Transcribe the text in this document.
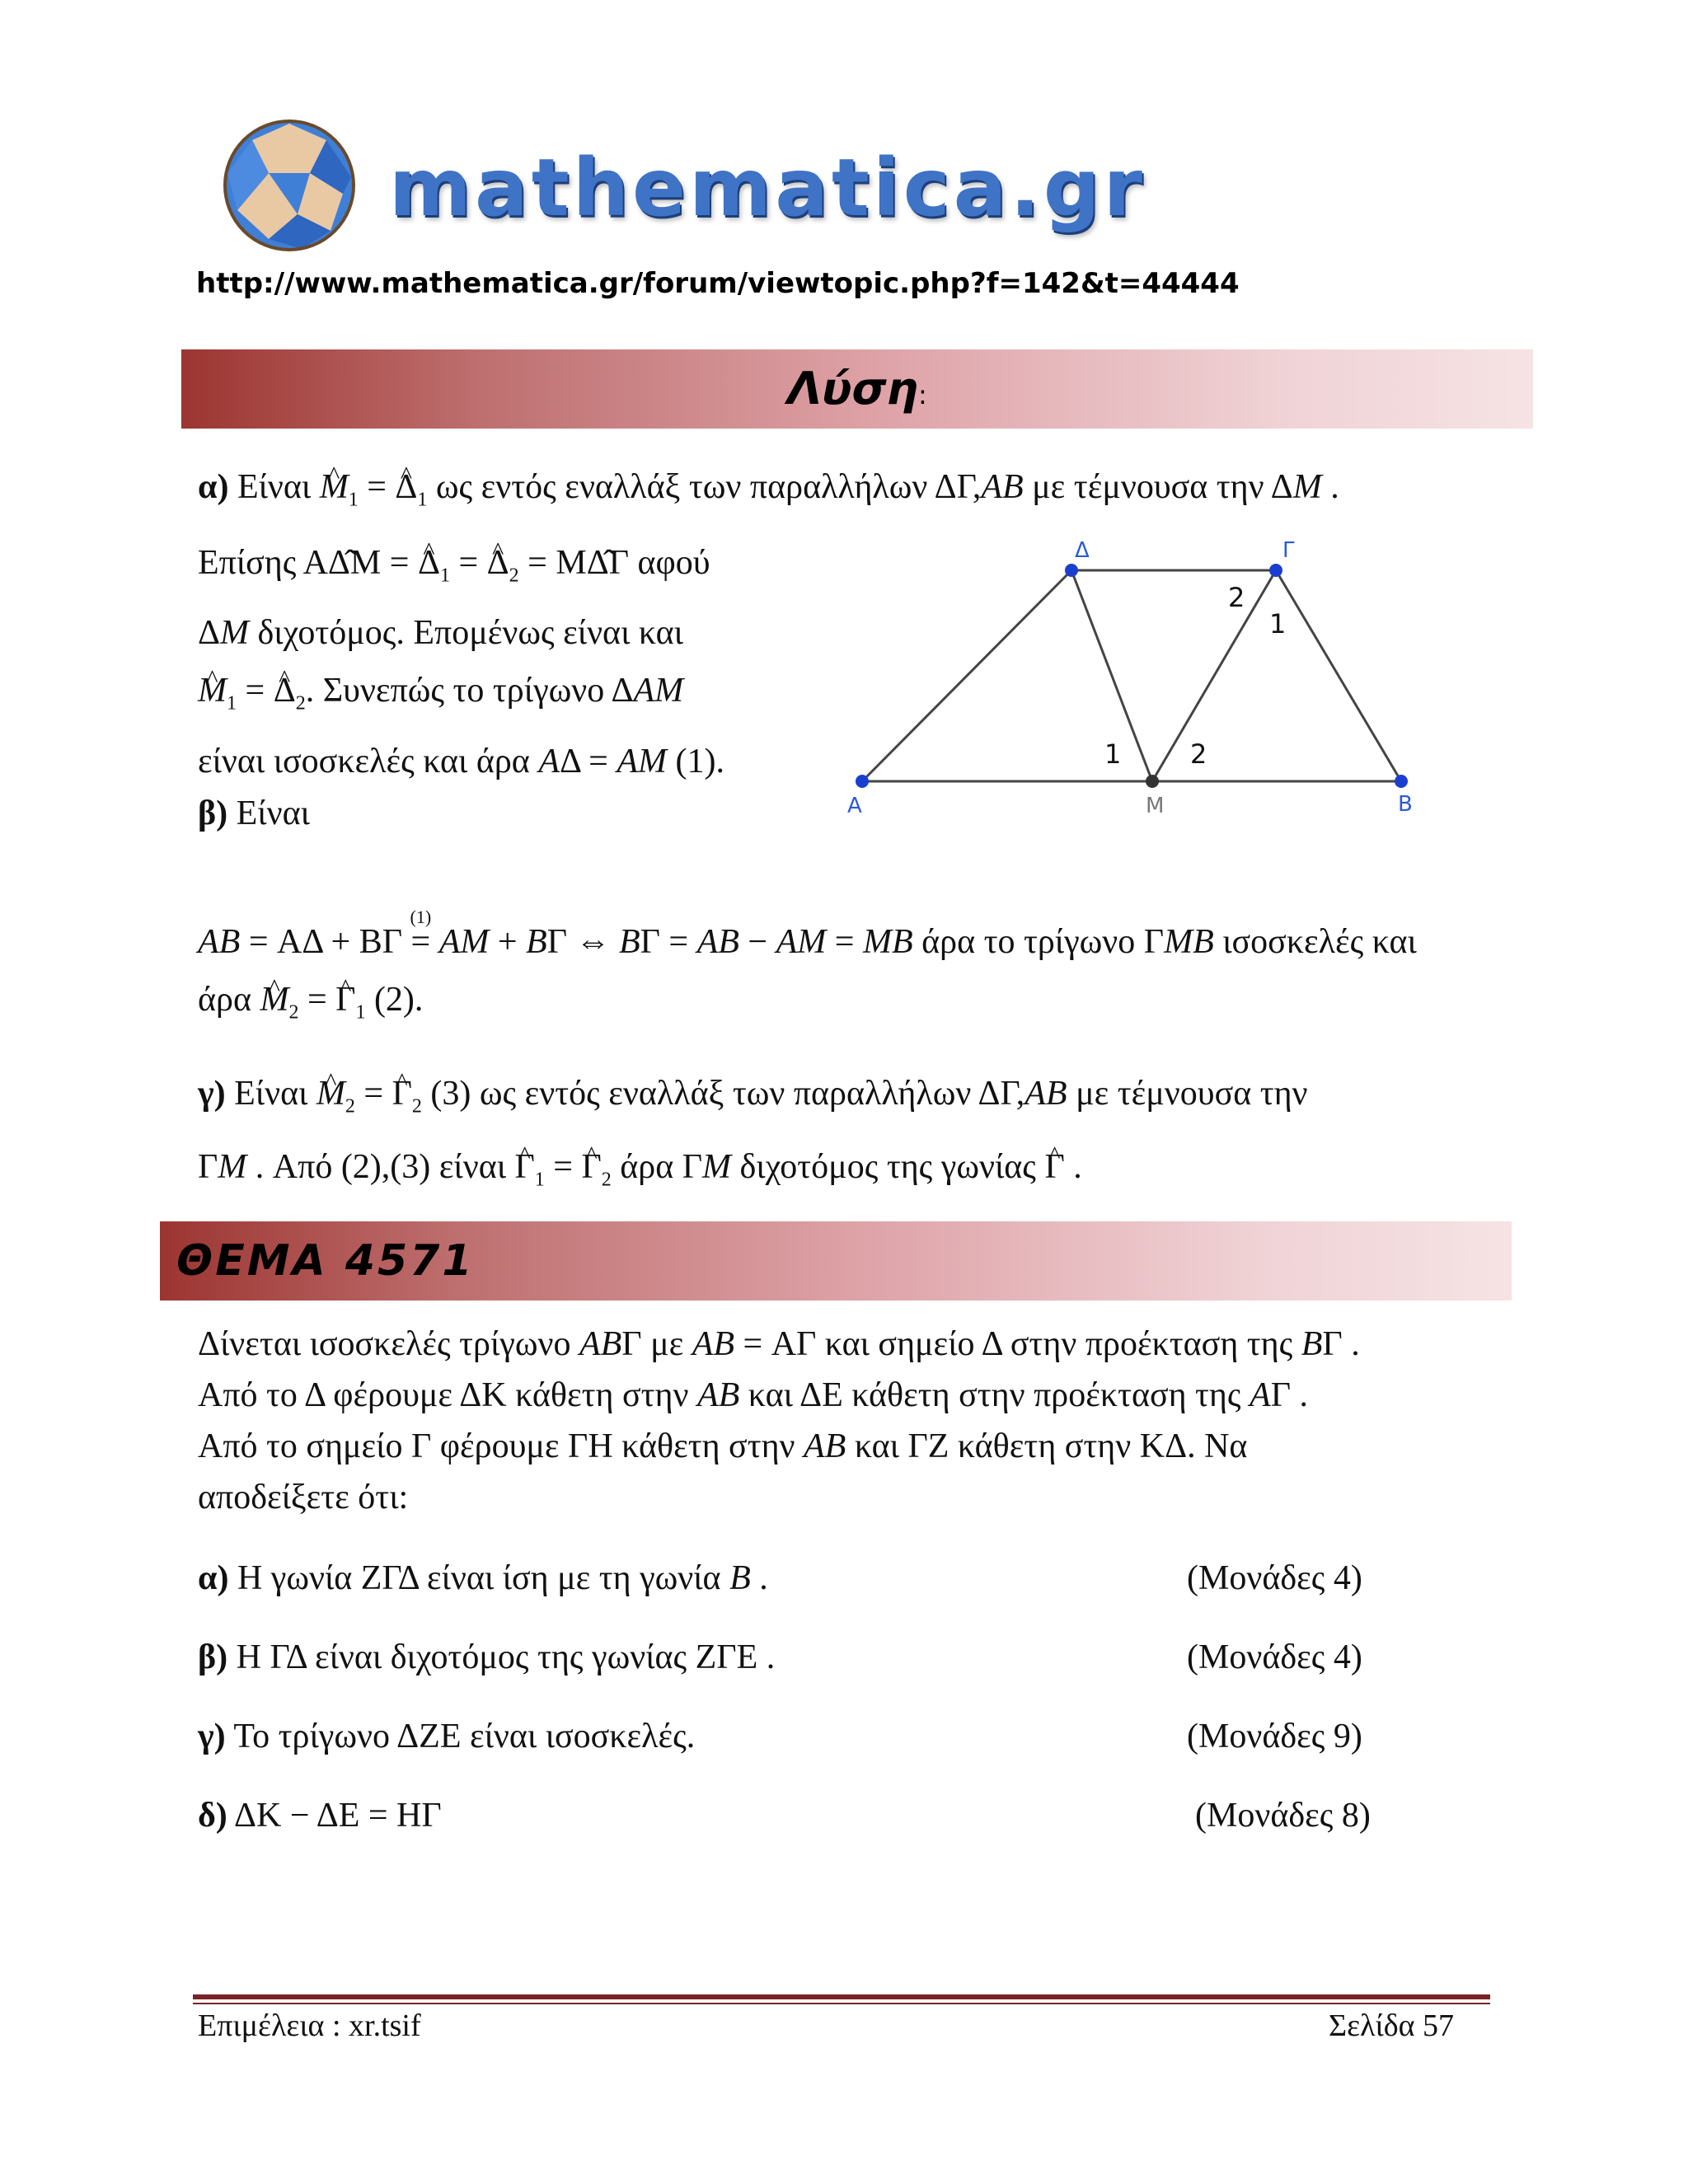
mathematica.gr
http://www.mathematica.gr/forum/viewtopic.php?f=142&t=44444
Λύση:
α) Είναι ^ $M_1$ = ^ $\Delta_1$ ως εντός εναλλάξ των παραλλήλων ΔΓ,AB με τέμνουσα την ΔM .
Επίσης ΑΔ̂Μ = ^ $\Delta_1$ = ^ $\Delta_2$ = ΜΔ̂Γ αφού
ΔM διχοτόμος. Επομένως είναι και
^ $M_1$ = ^ $\Delta_2$. Συνεπώς το τρίγωνο ΔAM
είναι ισοσκελές και άρα AΔ = AM (1).
β) Είναι	Α	Β
Μ
Δ	Γ
1	2
2
1
AB = ΑΔ + ΒΓ =
(1)
AM + BΓ ⇔ BΓ = AB − AM = MB άρα το τρίγωνο ΓMB ισοσκελές και
άρα ^ $M_2$ = ^ $\Gamma_1$ (2).
γ) Είναι ^ $M_2$ = ^ $\Gamma_2$ (3) ως εντός εναλλάξ των παραλλήλων ΔΓ,AB με τέμνουσα την
ΓM . Από (2),(3) είναι ^ $\Gamma_1$ = ^ $\Gamma_2$ άρα ΓM διχοτόμος της γωνίας ^ Γ .
ΘΕΜΑ 4571
Δίνεται ισοσκελές τρίγωνο ABΓ με AB = ΑΓ και σημείο Δ στην προέκταση της BΓ .
Από το Δ φέρουμε ΔΚ κάθετη στην AB και ΔΕ κάθετη στην προέκταση της AΓ .
Από το σημείο Γ φέρουμε ΓΗ κάθετη στην AB και ΓΖ κάθετη στην ΚΔ. Να
αποδείξετε ότι:
α) Η γωνία ΖΓΔ είναι ίση με τη γωνία B .	(Μονάδες 4)
β) Η ΓΔ είναι διχοτόμος της γωνίας ΖΓΕ .	(Μονάδες 4)
γ) Το τρίγωνο ΔΖΕ είναι ισοσκελές.	(Μονάδες 9)
δ) ΔΚ − ΔΕ = ΗΓ	(Μονάδες 8)
Επιμέλεια : xr.tsif	Σελίδα 57
